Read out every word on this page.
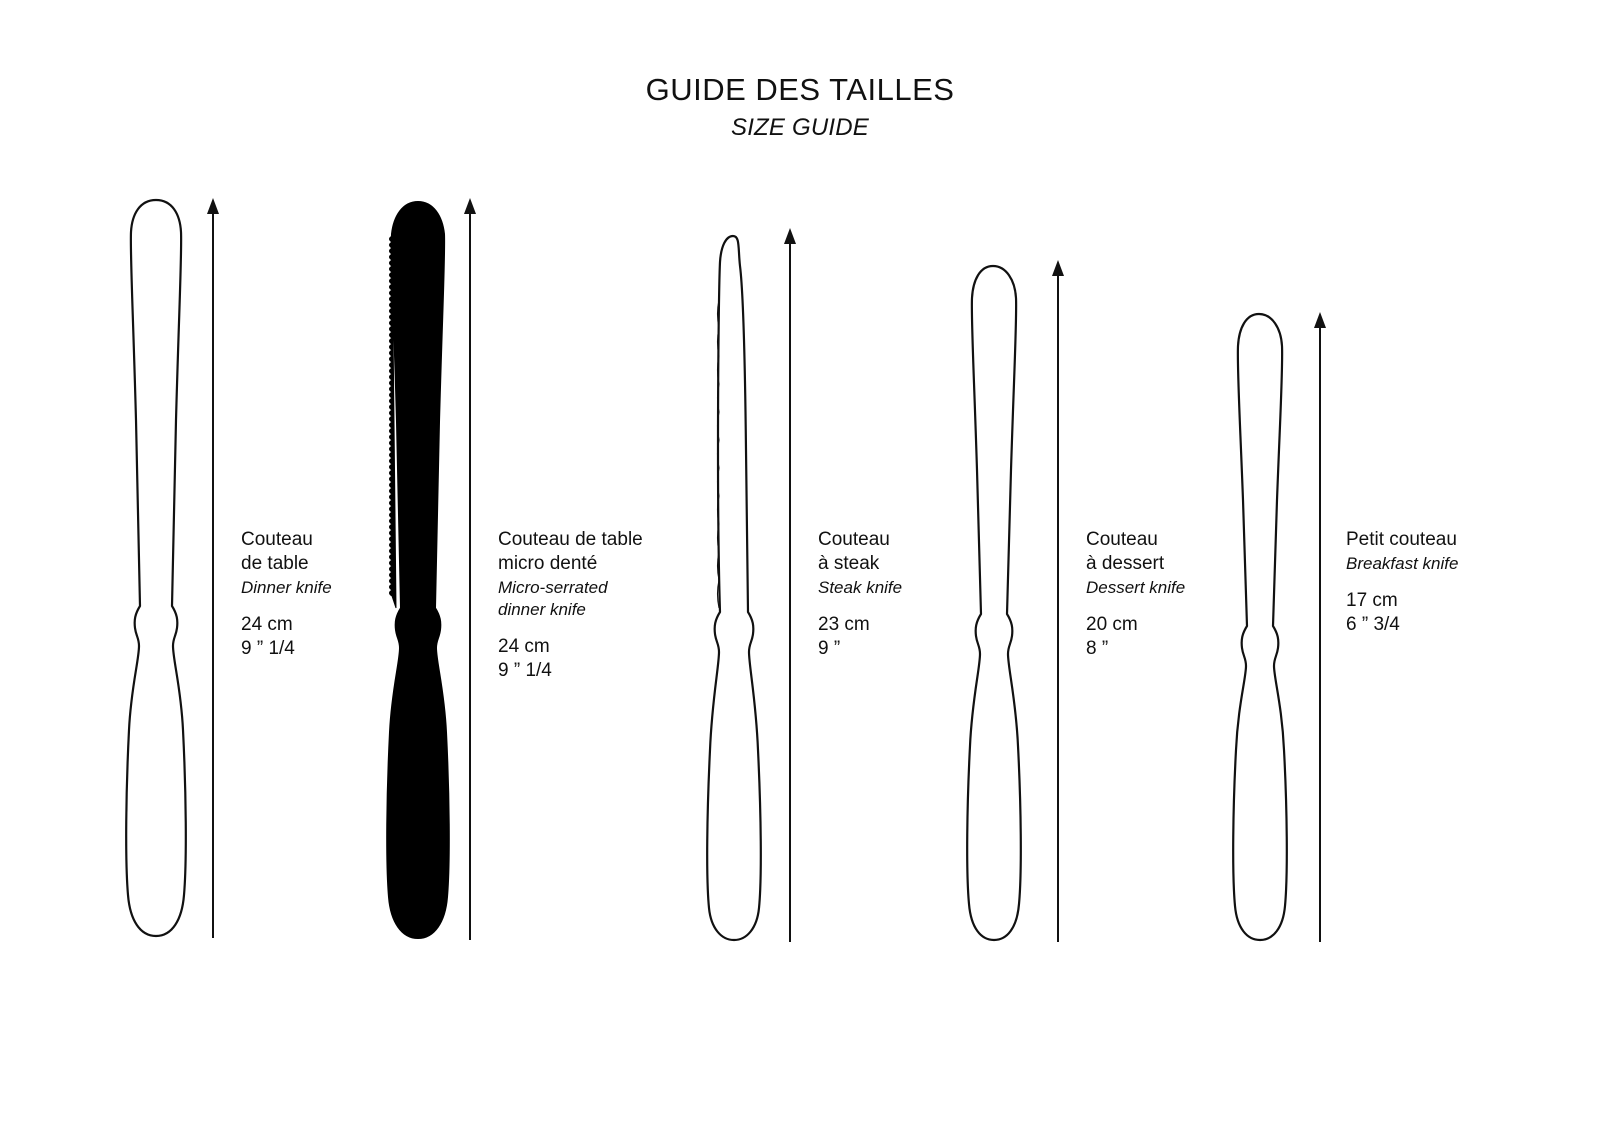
GUIDE DES TAILLES
SIZE GUIDE
Couteau
de table
Dinner knife
24 cm
9 ” 1/4
Couteau de table
micro denté
Micro-serrated
dinner knife
24 cm
9 ” 1/4
Couteau
à steak
Steak knife
23 cm
9 ”
Couteau
à dessert
Dessert knife
20 cm
8 ”
Petit couteau
Breakfast knife
17 cm
6 ” 3/4
